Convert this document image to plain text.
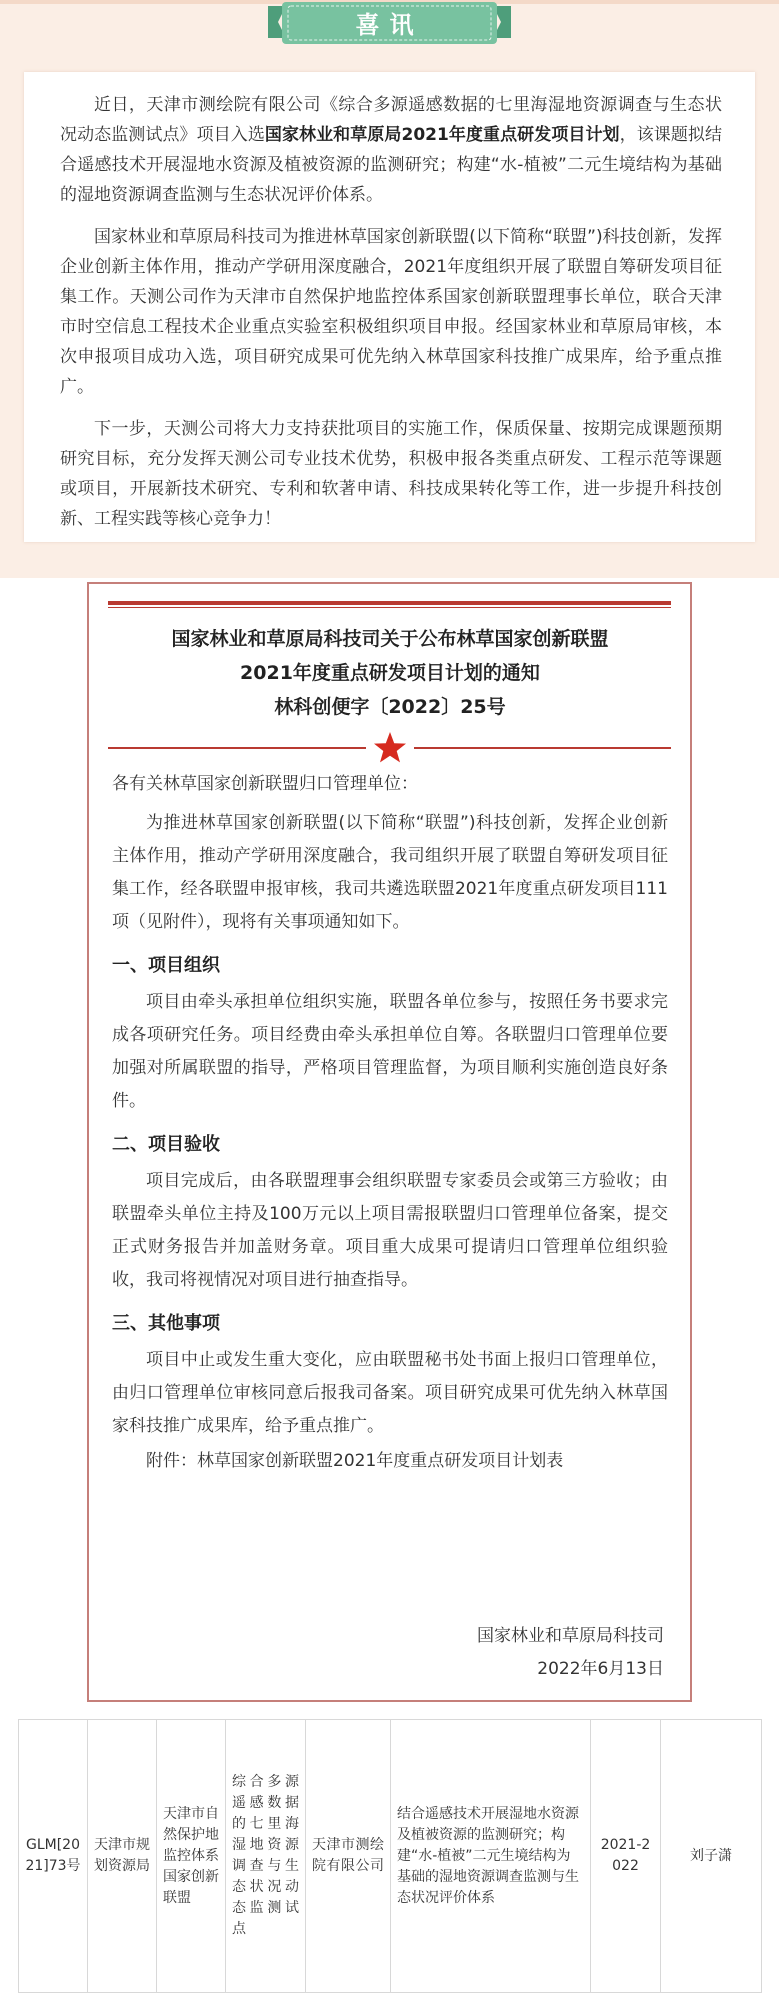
喜讯

近日，天津市测绘院有限公司《综合多源遥感数据的七里海湿地资源调查与生态状况动态监测试点》项目入选国家林业和草原局2021年度重点研发项目计划，该课题拟结合遥感技术开展湿地水资源及植被资源的监测研究；构建“水-植被”二元生境结构为基础的湿地资源调查监测与生态状况评价体系。

国家林业和草原局科技司为推进林草国家创新联盟(以下简称“联盟”)科技创新，发挥企业创新主体作用，推动产学研用深度融合，2021年度组织开展了联盟自筹研发项目征集工作。天测公司作为天津市自然保护地监控体系国家创新联盟理事长单位，联合天津市时空信息工程技术企业重点实验室积极组织项目申报。经国家林业和草原局审核，本次申报项目成功入选，项目研究成果可优先纳入林草国家科技推广成果库，给予重点推广。

下一步，天测公司将大力支持获批项目的实施工作，保质保量、按期完成课题预期研究目标，充分发挥天测公司专业技术优势，积极申报各类重点研发、工程示范等课题或项目，开展新技术研究、专利和软著申请、科技成果转化等工作，进一步提升科技创新、工程实践等核心竞争力！

国家林业和草原局科技司关于公布林草国家创新联盟
2021年度重点研发项目计划的通知
林科创便字〔2022〕25号

各有关林草国家创新联盟归口管理单位：

为推进林草国家创新联盟(以下简称“联盟”)科技创新，发挥企业创新主体作用，推动产学研用深度融合，我司组织开展了联盟自筹研发项目征集工作，经各联盟申报审核，我司共遴选联盟2021年度重点研发项目111项（见附件），现将有关事项通知如下。

一、项目组织

项目由牵头承担单位组织实施，联盟各单位参与，按照任务书要求完成各项研究任务。项目经费由牵头承担单位自筹。各联盟归口管理单位要加强对所属联盟的指导，严格项目管理监督，为项目顺利实施创造良好条件。

二、项目验收

项目完成后，由各联盟理事会组织联盟专家委员会或第三方验收；由联盟牵头单位主持及100万元以上项目需报联盟归口管理单位备案，提交正式财务报告并加盖财务章。项目重大成果可提请归口管理单位组织验收，我司将视情况对项目进行抽查指导。

三、其他事项

项目中止或发生重大变化，应由联盟秘书处书面上报归口管理单位，由归口管理单位审核同意后报我司备案。项目研究成果可优先纳入林草国家科技推广成果库，给予重点推广。

附件：林草国家创新联盟2021年度重点研发项目计划表

国家林业和草原局科技司
2022年6月13日
GLM[2021]73号	天津市规划资源局	天津市自然保护地监控体系国家创新联盟	综合多源遥感数据的七里海湿地资源调查与生态状况动态监测试点	天津市测绘院有限公司	结合遥感技术开展湿地水资源及植被资源的监测研究；构建“水-植被”二元生境结构为基础的湿地资源调查监测与生态状况评价体系	2021-2022	刘子潇
